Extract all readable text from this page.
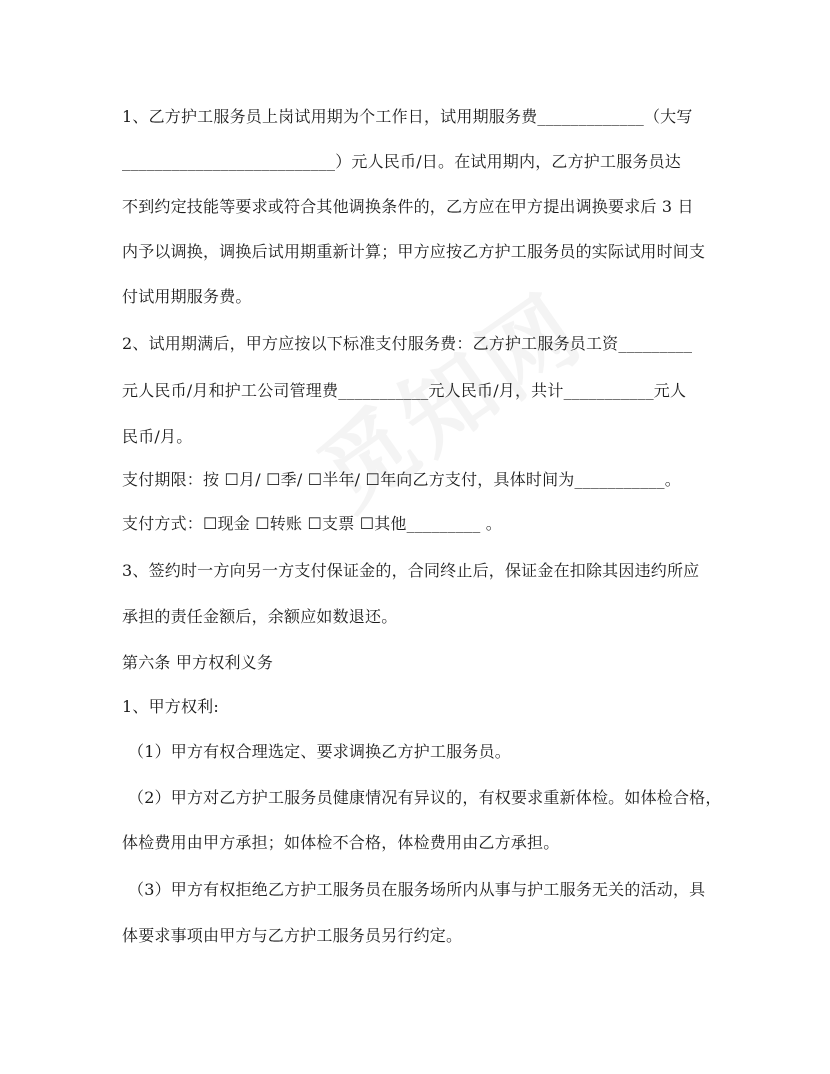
1、乙方护工服务员上岗试用期为个工作日，试用期服务费_____________（大写
__________________________）元人民币/日。在试用期内，乙方护工服务员达
不到约定技能等要求或符合其他调换条件的，乙方应在甲方提出调换要求后 3 日
内予以调换，调换后试用期重新计算；甲方应按乙方护工服务员的实际试用时间支
付试用期服务费。
2、试用期满后，甲方应按以下标准支付服务费：乙方护工服务员工资_________
元人民币/月和护工公司管理费___________元人民币/月，共计___________元人
民币/月。
支付期限：按 ☐月/ ☐季/ ☐半年/ ☐年向乙方支付，具体时间为___________。
支付方式：☐现金 ☐转账 ☐支票 ☐其他_________ 。
3、签约时一方向另一方支付保证金的，合同终止后，保证金在扣除其因违约所应
承担的责任金额后，余额应如数退还。
第六条 甲方权利义务
1、甲方权利:
（1）甲方有权合理选定、要求调换乙方护工服务员。
（2）甲方对乙方护工服务员健康情况有异议的，有权要求重新体检。如体检合格，
体检费用由甲方承担；如体检不合格，体检费用由乙方承担。
（3）甲方有权拒绝乙方护工服务员在服务场所内从事与护工服务无关的活动，具
体要求事项由甲方与乙方护工服务员另行约定。
